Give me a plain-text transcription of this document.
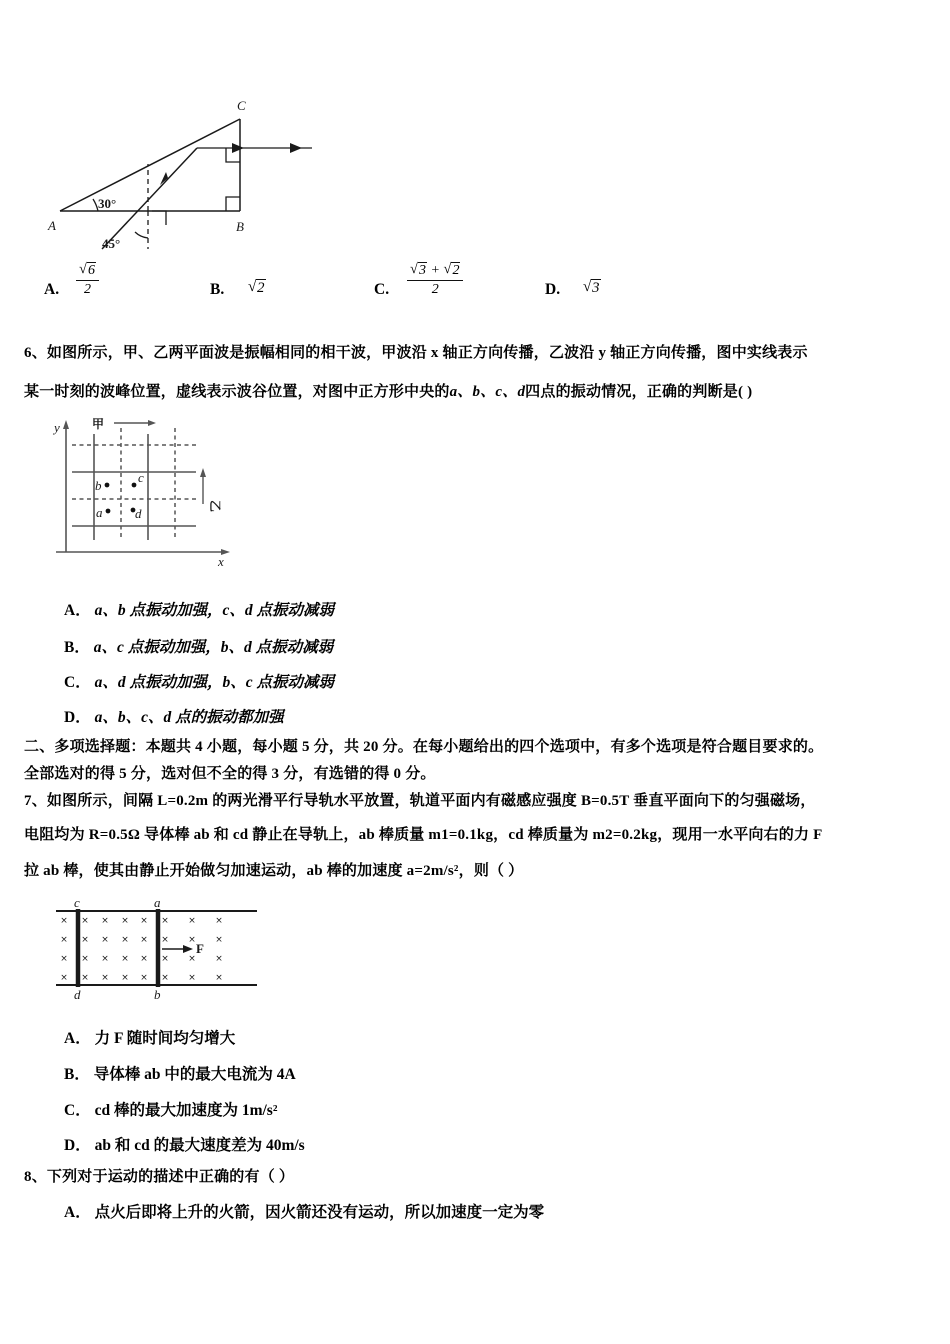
A	B
C
30°
45°
A. √ $\frac{6}{2}$	B.	√ 2	C. √ $\frac{3 + √ 2}{2}$	D.	√ 3
6、如图所示，甲、乙两平面波是振幅相同的相干波，甲波沿 x 轴正方向传播，乙波沿 y 轴正方向传播，图中实线表示
某一时刻的波峰位置，虚线表示波谷位置，对图中正方形中央的a、b、c、d四点的振动情况，正确的判断是( )
甲
乙
b
c
a	d
y
x
A． a、b 点振动加强，c、d 点振动减弱
B． a、c 点振动加强，b、d 点振动减弱
C． a、d 点振动加强，b、c 点振动减弱
D． a、b、c、d 点的振动都加强
二、多项选择题：本题共 4 小题，每小题 5 分，共 20 分。在每小题给出的四个选项中，有多个选项是符合题目要求的。
全部选对的得 5 分，选对但不全的得 3 分，有选错的得 0 分。
7、如图所示，间隔 L=0.2m 的两光滑平行导轨水平放置，轨道平面内有磁感应强度 B=0.5T 垂直平面向下的匀强磁场，
电阻均为 R=0.5Ω 导体棒 ab 和 cd 静止在导轨上，ab 棒质量 m1=0.1kg，cd 棒质量为 m2=0.2kg，现用一水平向右的力 F
拉 ab 棒，使其由静止开始做匀加速运动，ab 棒的加速度 a=2m/s²，则（ ）
× × × × × × × ×
× × × × × × × ×
× × × × × × × ×
× × × × × × × ×
F
c
d
a
b
A． 力 F 随时间均匀增大
B． 导体棒 ab 中的最大电流为 4A
C． cd 棒的最大加速度为 1m/s²
D． ab 和 cd 的最大速度差为 40m/s
8、下列对于运动的描述中正确的有（ ）
A． 点火后即将上升的火箭，因火箭还没有运动，所以加速度一定为零
